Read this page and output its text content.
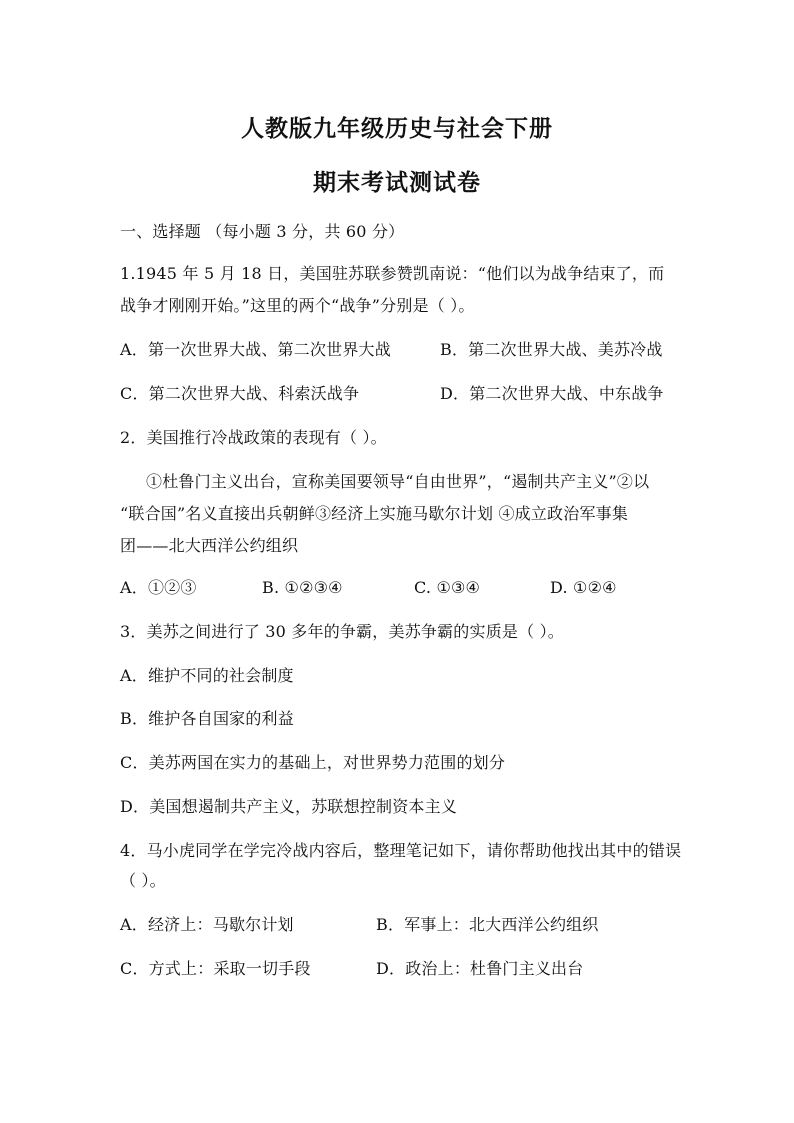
人教版九年级历史与社会下册
期末考试测试卷
一、选择题 （每小题 3 分，共 60 分）
1.1945 年 5 月 18 日，美国驻苏联参赞凯南说：“他们以为战争结束了，而
战争才刚刚开始。”这里的两个“战争”分别是（ ）。
A．第一次世界大战、第二次世界大战	B．第二次世界大战、美苏冷战
C．第二次世界大战、科索沃战争	D．第二次世界大战、中东战争
2．美国推行冷战政策的表现有（ ）。
①杜鲁门主义出台，宣称美国要领导“自由世界”，“遏制共产主义”②以
“联合国”名义直接出兵朝鲜③经济上实施马歇尔计划 ④成立政治军事集
团——北大西洋公约组织
A．①②③	B. ①②③④	C. ①③④	D. ①②④
3．美苏之间进行了 30 多年的争霸，美苏争霸的实质是（ ）。
A．维护不同的社会制度
B．维护各自国家的利益
C．美苏两国在实力的基础上，对世界势力范围的划分
D．美国想遏制共产主义，苏联想控制资本主义
4．马小虎同学在学完冷战内容后，整理笔记如下，请你帮助他找出其中的错误
（ ）。
A．经济上：马歇尔计划	B．军事上：北大西洋公约组织
C．方式上：采取一切手段	D．政治上：杜鲁门主义出台
